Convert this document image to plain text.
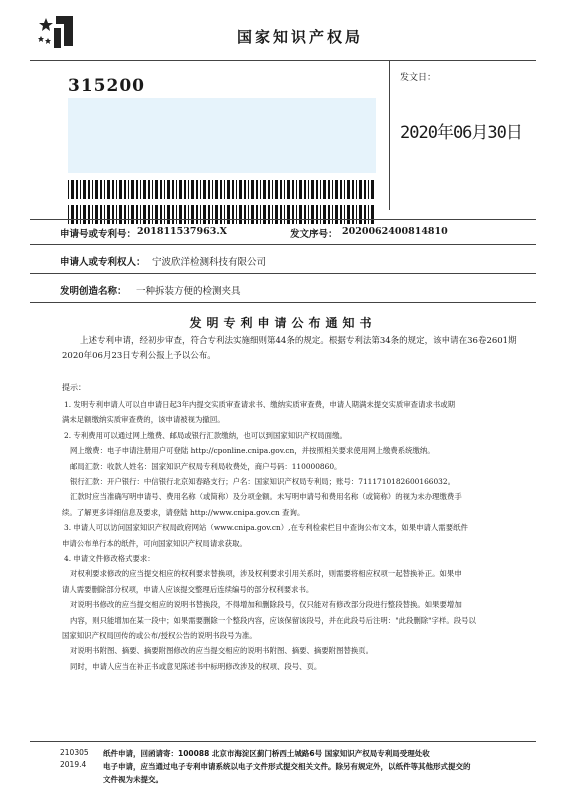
国家知识产权局
315200	发文日：
2020年06月30日
申请号或专利号： 201811537963.X	发文序号： 2020062400814810
申请人或专利权人： 宁波欣洋检测科技有限公司
发明创造名称： 一种拆装方便的检测夹具
发明专利申请公布通知书
上述专利申请，经初步审查，符合专利法实施细则第44条的规定。根据专利法第34条的规定，该申请在36卷2601期2020年06月23日专利公报上予以公布。
提示：
1. 发明专利申请人可以自申请日起3年内提交实质审查请求书、缴纳实质审查费，申请人期满未提交实质审查请求书或期
满未足额缴纳实质审查费的，该申请被视为撤回。
2. 专利费用可以通过网上缴费、邮局或银行汇款缴纳，也可以到国家知识产权局面缴。
网上缴费：电子申请注册用户可登陆 http://cponline.cnipa.gov.cn，并按照相关要求使用网上缴费系统缴纳。
邮局汇款：收款人姓名：国家知识产权局专利局收费处，商户号码：110000860。
银行汇款：开户银行：中信银行北京知春路支行；户名：国家知识产权局专利局；账号：7111710182600166032。
汇款时应当准确写明申请号、费用名称（或简称）及分项金额。未写明申请号和费用名称（或简称）的视为未办理缴费手
续。了解更多详细信息及要求，请登陆 http://www.cnipa.gov.cn 查询。
3. 申请人可以访问国家知识产权局政府网站（www.cnipa.gov.cn）,在专利检索栏目中查询公布文本，如果申请人需要纸件
申请公布单行本的纸件，可向国家知识产权局请求获取。
4. 申请文件修改格式要求：
对权利要求修改的应当提交相应的权利要求替换项，涉及权利要求引用关系时，则需要将相应权项一起替换补正。如果申
请人需要删除部分权项，申请人应该提交整理后连续编号的部分权利要求书。
对说明书修改的应当提交相应的说明书替换段，不得增加和删除段号，仅只能对有修改部分段进行整段替换。如果要增加
内容，则只能增加在某一段中；如果需要删除一个整段内容，应该保留该段号，并在此段号后注明："此段删除"字样。段号以
国家知识产权局回传的或公布/授权公告的说明书段号为准。
对说明书附图、摘要、摘要附图修改的应当提交相应的说明书附图、摘要、摘要附图替换页。
同时，申请人应当在补正书或意见陈述书中标明修改涉及的权项、段号、页。
210305
2019.4
纸件申请，回函请寄：100088 北京市海淀区蓟门桥西土城路6号 国家知识产权局专利局受理处收
电子申请，应当通过电子专利申请系统以电子文件形式提交相关文件。除另有规定外，以纸件等其他形式提交的
文件视为未提交。
